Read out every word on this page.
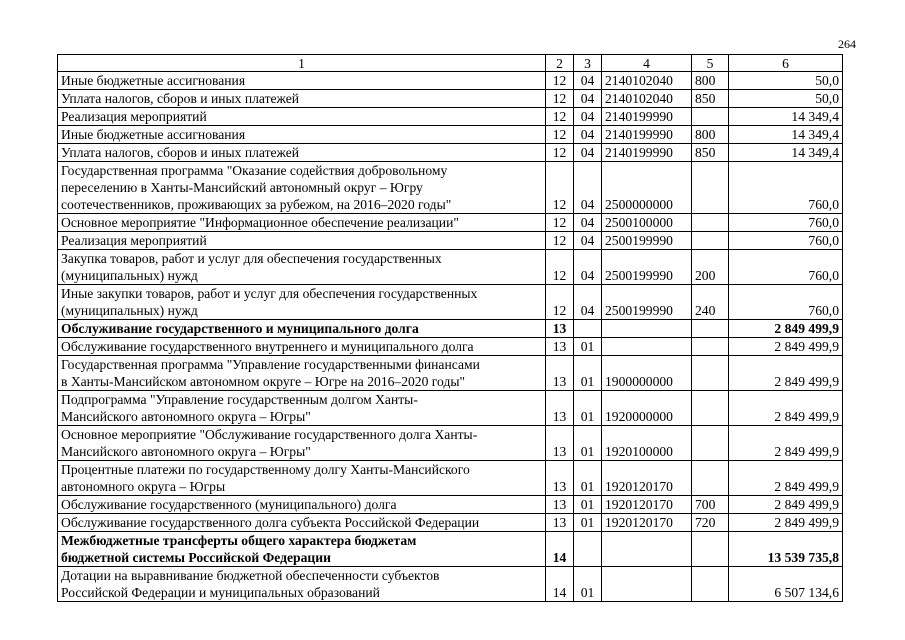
264
1	2	3	4	5	6
Иные бюджетные ассигнования	12	04	2140102040	800	50,0
Уплата налогов, сборов и иных платежей	12	04	2140102040	850	50,0
Реализация мероприятий	12	04	2140199990		14 349,4
Иные бюджетные ассигнования	12	04	2140199990	800	14 349,4
Уплата налогов, сборов и иных платежей	12	04	2140199990	850	14 349,4

Государственная программа "Оказание содействия добровольному
переселению в Ханты-Мансийский автономный округ – Югру
соотечественников, проживающих за рубежом, на 2016–2020 годы"	12	04	2500000000		760,0
Основное мероприятие "Информационное обеспечение реализации"	12	04	2500100000		760,0
Реализация мероприятий	12	04	2500199990		760,0

Закупка товаров, работ и услуг для обеспечения государственных
(муниципальных) нужд	12	04	2500199990	200	760,0

Иные закупки товаров, работ и услуг для обеспечения государственных
(муниципальных) нужд	12	04	2500199990	240	760,0
Обслуживание государственного и муниципального долга	13				2 849 499,9
Обслуживание государственного внутреннего и муниципального долга	13	01			2 849 499,9

Государственная программа "Управление государственными финансами
в Ханты-Мансийском автономном округе – Югре на 2016–2020 годы"	13	01	1900000000		2 849 499,9

Подпрограмма "Управление государственным долгом Ханты-
Мансийского автономного округа – Югры"	13	01	1920000000		2 849 499,9

Основное мероприятие "Обслуживание государственного долга Ханты-
Мансийского автономного округа – Югры"	13	01	1920100000		2 849 499,9

Процентные платежи по государственному долгу Ханты-Мансийского
автономного округа – Югры	13	01	1920120170		2 849 499,9
Обслуживание государственного (муниципального) долга	13	01	1920120170	700	2 849 499,9
Обслуживание государственного долга субъекта Российской Федерации	13	01	1920120170	720	2 849 499,9

Межбюджетные трансферты общего характера бюджетам
бюджетной системы Российской Федерации	14				13 539 735,8

Дотации на выравнивание бюджетной обеспеченности субъектов
Российской Федерации и муниципальных образований	14	01			6 507 134,6
